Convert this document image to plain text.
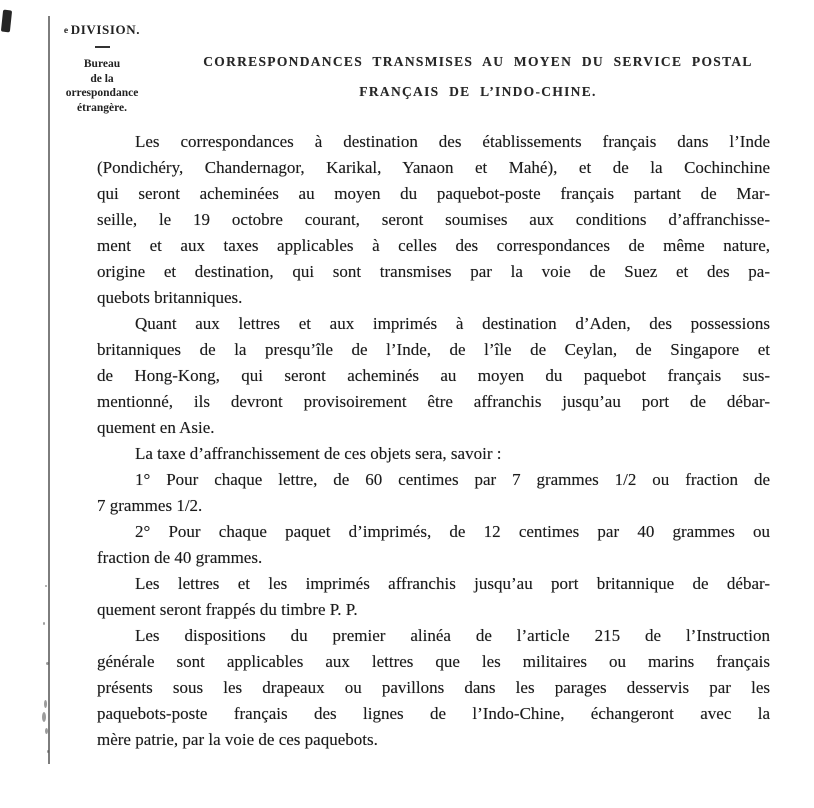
e DIVISION.
Bureau
de la
orrespondance
étrangère.
CORRESPONDANCES TRANSMISES AU MOYEN DU SERVICE POSTAL
FRANÇAIS DE L’INDO-CHINE.
Les correspondances à destination des établissements français dans l’Inde
(Pondichéry, Chandernagor, Karikal, Yanaon et Mahé), et de la Cochinchine
qui seront acheminées au moyen du paquebot-poste français partant de Mar-
seille, le 19 octobre courant, seront soumises aux conditions d’affranchisse-
ment et aux taxes applicables à celles des correspondances de même nature,
origine et destination, qui sont transmises par la voie de Suez et des pa-
quebots britanniques.
Quant aux lettres et aux imprimés à destination d’Aden, des possessions
britanniques de la presqu’île de l’Inde, de l’île de Ceylan, de Singapore et
de Hong-Kong, qui seront acheminés au moyen du paquebot français sus-
mentionné, ils devront provisoirement être affranchis jusqu’au port de débar-
quement en Asie.
La taxe d’affranchissement de ces objets sera, savoir :
1° Pour chaque lettre, de 60 centimes par 7 grammes 1/2 ou fraction de
7 grammes 1/2.
2° Pour chaque paquet d’imprimés, de 12 centimes par 40 grammes ou
fraction de 40 grammes.
Les lettres et les imprimés affranchis jusqu’au port britannique de débar-
quement seront frappés du timbre P. P.
Les dispositions du premier alinéa de l’article 215 de l’Instruction
générale sont applicables aux lettres que les militaires ou marins français
présents sous les drapeaux ou pavillons dans les parages desservis par les
paquebots-poste français des lignes de l’Indo-Chine, échangeront avec la
mère patrie, par la voie de ces paquebots.
